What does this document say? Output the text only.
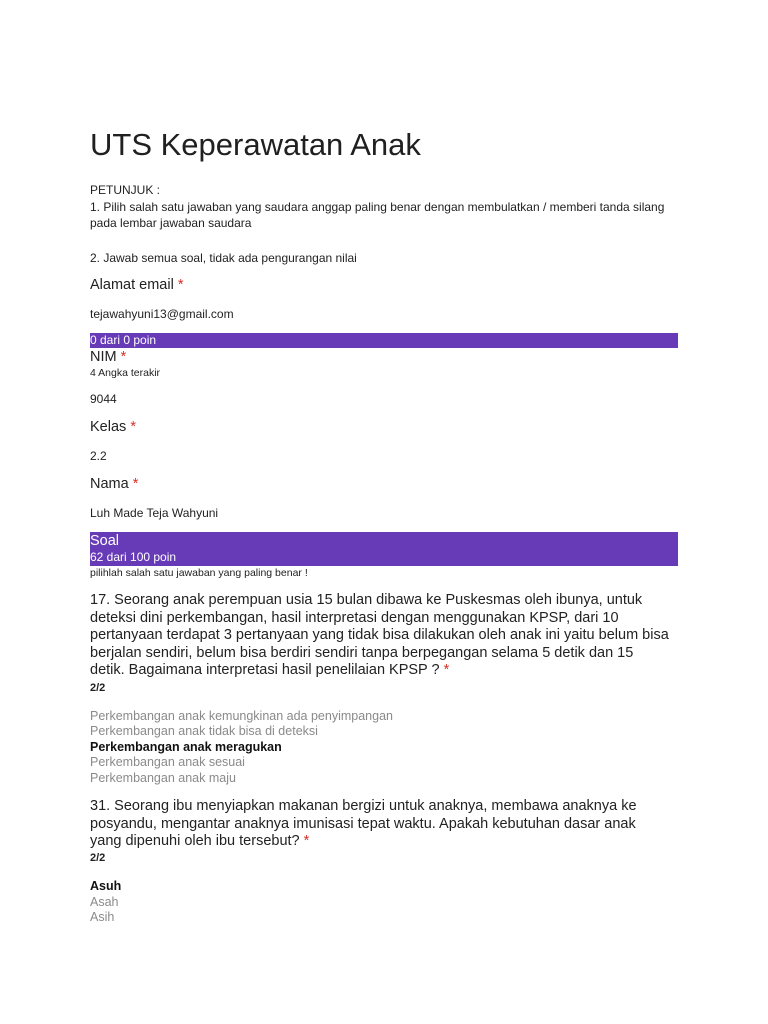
UTS Keperawatan Anak
PETUNJUK :
1. Pilih salah satu jawaban yang saudara anggap paling benar dengan membulatkan / memberi tanda silang pada lembar jawaban saudara
2. Jawab semua soal, tidak ada pengurangan nilai
Alamat email *
tejawahyuni13@gmail.com
0 dari 0 poin
NIM *
4 Angka terakir
9044
Kelas *
2.2
Nama *
Luh Made Teja Wahyuni
Soal
62 dari 100 poin
pilihlah salah satu jawaban yang paling benar !
17. Seorang anak perempuan usia 15 bulan dibawa ke Puskesmas oleh ibunya, untuk deteksi dini perkembangan, hasil interpretasi dengan menggunakan KPSP, dari 10 pertanyaan terdapat 3 pertanyaan yang tidak bisa dilakukan oleh anak ini yaitu belum bisa berjalan sendiri, belum bisa berdiri sendiri tanpa berpegangan selama 5 detik dan 15 detik. Bagaimana interpretasi hasil penelilaian KPSP ? *
2/2
Perkembangan anak kemungkinan ada penyimpangan
Perkembangan anak tidak bisa di deteksi
Perkembangan anak meragukan
Perkembangan anak sesuai
Perkembangan anak maju
31. Seorang ibu menyiapkan makanan bergizi untuk anaknya, membawa anaknya ke posyandu, mengantar anaknya imunisasi tepat waktu. Apakah kebutuhan dasar anak yang dipenuhi oleh ibu tersebut? *
2/2
Asuh
Asah
Asih
